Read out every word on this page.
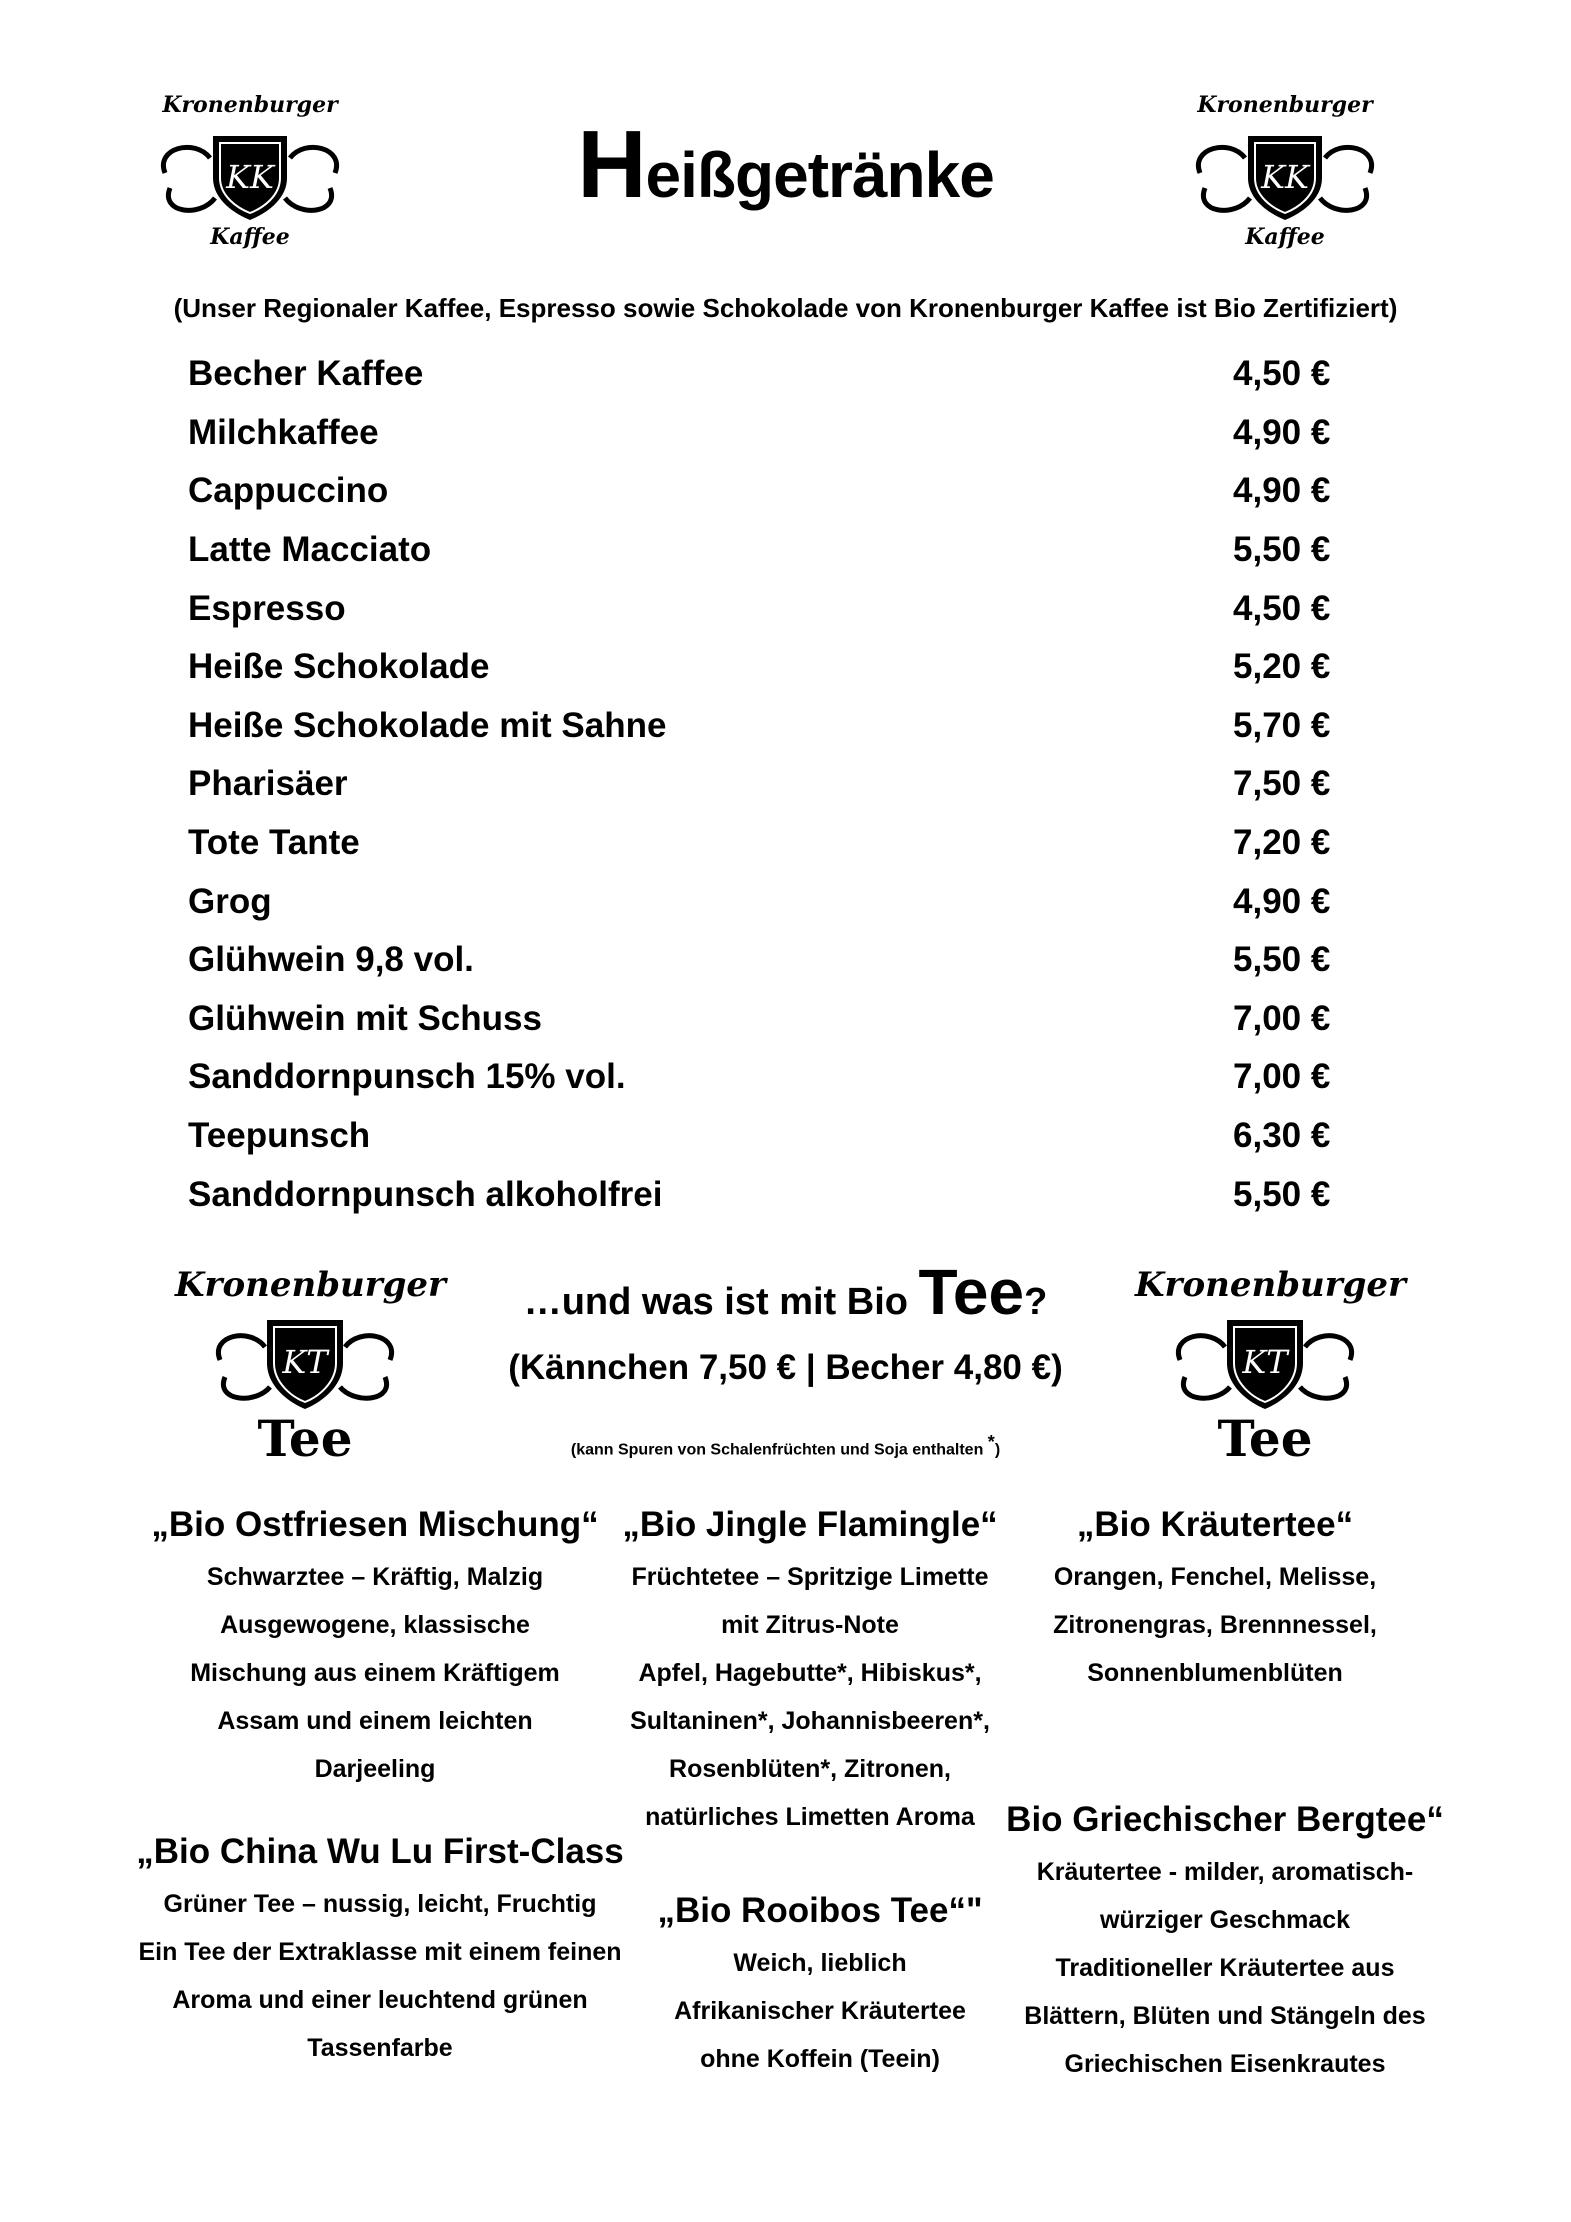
Kronenburger
KK
Kaffee
Kronenburger
KK
Kaffee
Heißgetränke
(Unser Regionaler Kaffee, Espresso sowie Schokolade von Kronenburger Kaffee ist Bio Zertifiziert)
Becher Kaffee	4,50 €
Milchkaffee	4,90 €
Cappuccino	4,90 €
Latte Macciato	5,50 €
Espresso	4,50 €
Heiße Schokolade	5,20 €
Heiße Schokolade mit Sahne	5,70 €
Pharisäer	7,50 €
Tote Tante	7,20 €
Grog	4,90 €
Glühwein 9,8 vol.	5,50 €
Glühwein mit Schuss	7,00 €
Sanddornpunsch 15% vol.	7,00 €
Teepunsch	6,30 €
Sanddornpunsch alkoholfrei	5,50 €
Kronenburger
KT
Tee
Kronenburger
KT
Tee
…und was ist mit Bio Tee?
(Kännchen 7,50 € | Becher 4,80 €)
(kann Spuren von Schalenfrüchten und Soja enthalten *)
„Bio Ostfriesen Mischung“
Schwarztee – Kräftig, Malzig
Ausgewogene, klassische
Mischung aus einem Kräftigem
Assam und einem leichten
Darjeeling
„Bio Jingle Flamingle“
Früchtetee – Spritzige Limette
mit Zitrus-Note
Apfel, Hagebutte*, Hibiskus*,
Sultaninen*, Johannisbeeren*,
Rosenblüten*, Zitronen,
natürliches Limetten Aroma
„Bio Kräutertee“
Orangen, Fenchel, Melisse,
Zitronengras, Brennnessel,
Sonnenblumenblüten
„Bio China Wu Lu First-Class
Grüner Tee – nussig, leicht, Fruchtig
Ein Tee der Extraklasse mit einem feinen
Aroma und einer leuchtend grünen
Tassenfarbe
„Bio Rooibos Tee“"
Weich, lieblich
Afrikanischer Kräutertee
ohne Koffein (Teein)
Bio Griechischer Bergtee“
Kräutertee - milder, aromatisch-
würziger Geschmack
Traditioneller Kräutertee aus
Blättern, Blüten und Stängeln des
Griechischen Eisenkrautes
